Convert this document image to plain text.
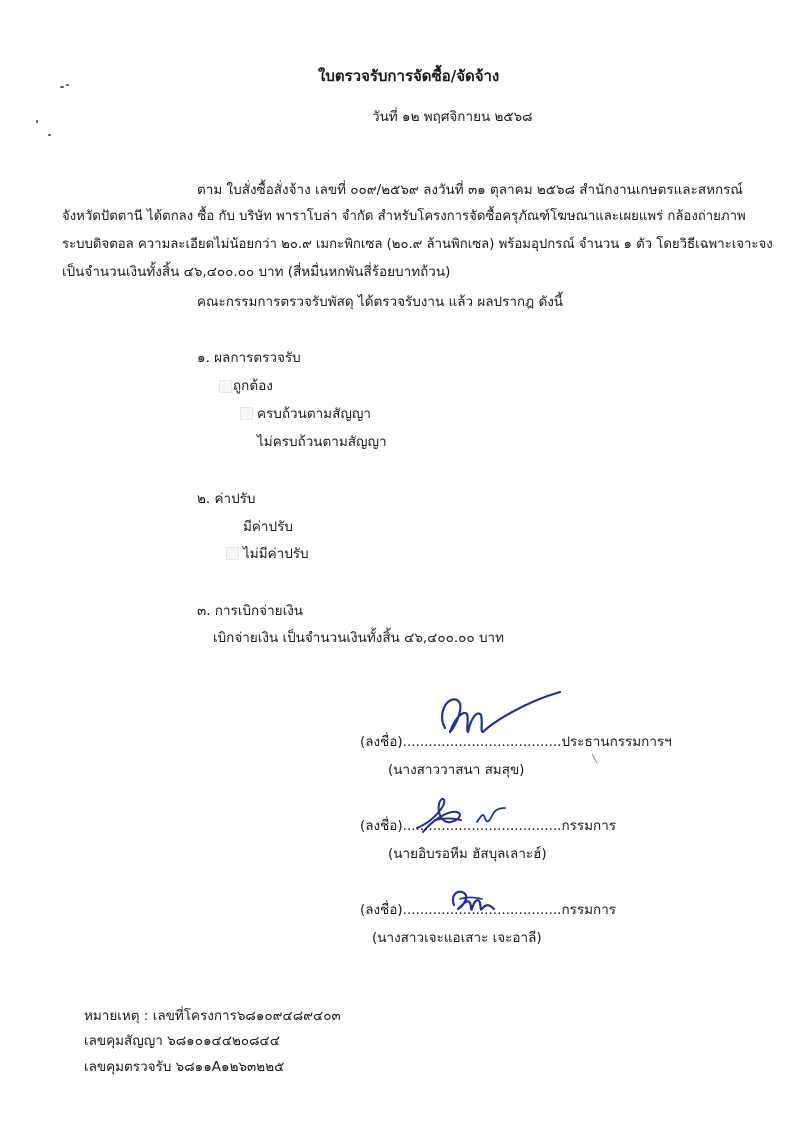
ใบตรวจรับการจัดซื้อ/จัดจ้าง
วันที่ ๑๒ พฤศจิกายน ๒๕๖๘
ตาม ใบสั่งซื้อสั่งจ้าง เลขที่ ๐๐๙/๒๕๖๙ ลงวันที่ ๓๑ ตุลาคม ๒๕๖๘ สำนักงานเกษตรและสหกรณ์
จังหวัดปัตตานี ได้ตกลง ซื้อ กับ บริษัท พาราโบล่า จำกัด สำหรับโครงการจัดซื้อครุภัณฑ์โฆษณาและเผยแพร่ กล้องถ่ายภาพ
ระบบดิจตอล ความละเอียดไม่น้อยกว่า ๒๐.๙ เมกะพิกเซล (๒๐.๙ ล้านพิกเซล) พร้อมอุปกรณ์ จำนวน ๑ ตัว โดยวิธีเฉพาะเจาะจง
เป็นจำนวนเงินทั้งสิ้น ๔๖,๔๐๐.๐๐ บาท (สี่หมื่นหกพันสี่ร้อยบาทถ้วน)
คณะกรรมการตรวจรับพัสดุ ได้ตรวจรับงาน แล้ว ผลปรากฎ ดังนี้
๑. ผลการตรวจรับ
ถูกต้อง
ครบถ้วนตามสัญญา
ไม่ครบถ้วนตามสัญญา
๒. ค่าปรับ
มีค่าปรับ
ไม่มีค่าปรับ
๓. การเบิกจ่ายเงิน
เบิกจ่ายเงิน เป็นจำนวนเงินทั้งสิ้น ๔๖,๔๐๐.๐๐ บาท
(ลงชื่อ).....................................ประธานกรรมการฯ
(นางสาววาสนา สมสุข)
(ลงชื่อ).....................................กรรมการ
(นายอิบรอหีม ฮัสบุลเลาะฮ์)
(ลงชื่อ).....................................กรรมการ
(นางสาวเจะแอเสาะ เจะอาลี)
หมายเหตุ : เลขที่โครงการ๖๘๑๐๙๔๘๙๔๐๓
เลขคุมสัญญา ๖๘๑๐๑๔๔๒๐๘๔๔
เลขคุมตรวจรับ ๖๘๑๑A๑๒๖๓๒๒๕
